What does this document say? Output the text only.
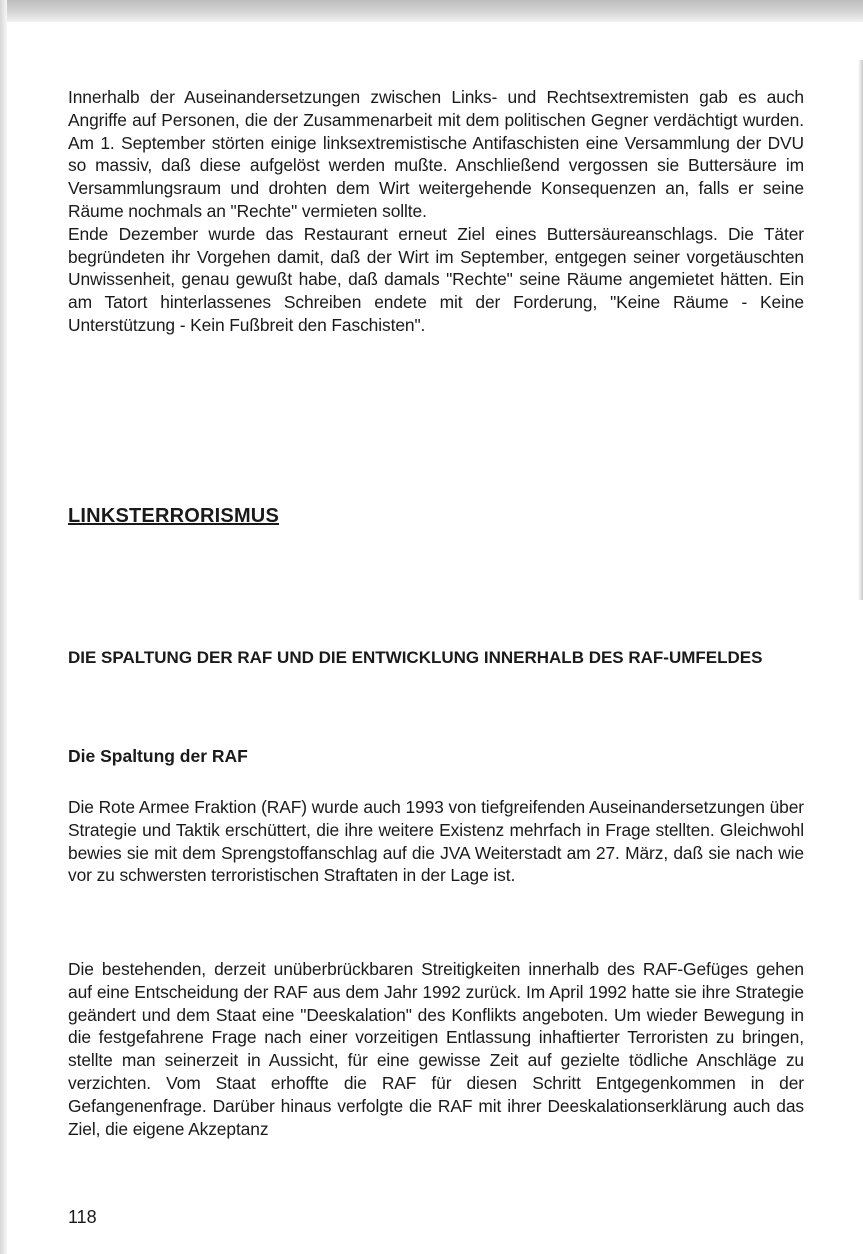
Innerhalb der Auseinandersetzungen zwischen Links- und Rechtsextremisten gab es auch Angriffe auf Personen, die der Zusammenarbeit mit dem politischen Gegner verdächtigt wurden. Am 1. September störten einige linksextremistische Antifaschisten eine Versammlung der DVU so massiv, daß diese aufgelöst werden mußte. Anschließend vergossen sie Buttersäure im Versammlungsraum und drohten dem Wirt weitergehende Konsequenzen an, falls er seine Räume nochmals an "Rechte" vermieten sollte.

Ende Dezember wurde das Restaurant erneut Ziel eines Buttersäureanschlags. Die Täter begründeten ihr Vorgehen damit, daß der Wirt im September, entgegen seiner vorgetäuschten Unwissenheit, genau gewußt habe, daß damals "Rechte" seine Räume angemietet hätten. Ein am Tatort hinterlassenes Schreiben endete mit der Forderung, "Keine Räume - Keine Unterstützung - Kein Fußbreit den Faschisten".

LINKSTERRORISMUS
DIE SPALTUNG DER RAF UND DIE ENTWICKLUNG INNERHALB DES RAF-UMFELDES
Die Spaltung der RAF

Die Rote Armee Fraktion (RAF) wurde auch 1993 von tiefgreifenden Auseinandersetzungen über Strategie und Taktik erschüttert, die ihre weitere Existenz mehrfach in Frage stellten. Gleichwohl bewies sie mit dem Sprengstoffanschlag auf die JVA Weiterstadt am 27. März, daß sie nach wie vor zu schwersten terroristischen Straftaten in der Lage ist.

Die bestehenden, derzeit unüberbrückbaren Streitigkeiten innerhalb des RAF-Gefüges gehen auf eine Entscheidung der RAF aus dem Jahr 1992 zurück. Im April 1992 hatte sie ihre Strategie geändert und dem Staat eine "Deeskalation" des Konflikts angeboten. Um wieder Bewegung in die festgefahrene Frage nach einer vorzeitigen Entlassung inhaftierter Terroristen zu bringen, stellte man seinerzeit in Aussicht, für eine gewisse Zeit auf gezielte tödliche Anschläge zu verzichten. Vom Staat erhoffte die RAF für diesen Schritt Entgegenkommen in der Gefangenenfrage. Darüber hinaus verfolgte die RAF mit ihrer Deeskalationserklärung auch das Ziel, die eigene Akzeptanz

118
